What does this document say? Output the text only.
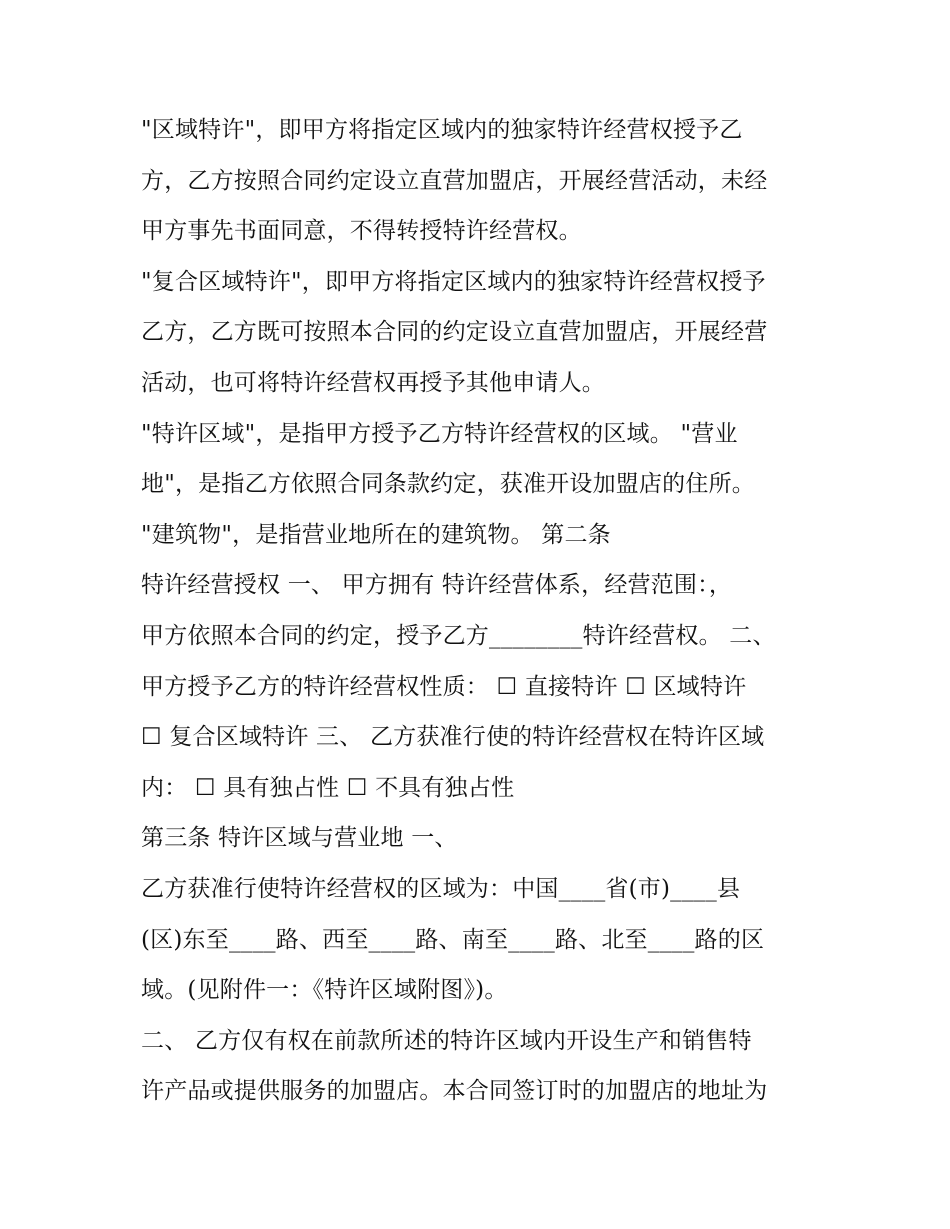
"区域特许"，即甲方将指定区域内的独家特许经营权授予乙
方，乙方按照合同约定设立直营加盟店，开展经营活动，未经
甲方事先书面同意，不得转授特许经营权。
"复合区域特许"，即甲方将指定区域内的独家特许经营权授予
乙方，乙方既可按照本合同的约定设立直营加盟店，开展经营
活动，也可将特许经营权再授予其他申请人。
"特许区域"，是指甲方授予乙方特许经营权的区域。 "营业
地"，是指乙方依照合同条款约定，获准开设加盟店的住所。
"建筑物"，是指营业地所在的建筑物。 第二条
特许经营授权 一、 甲方拥有 特许经营体系，经营范围：，
甲方依照本合同的约定，授予乙方________特许经营权。 二、
甲方授予乙方的特许经营权性质： ☐ 直接特许 ☐ 区域特许
☐ 复合区域特许 三、 乙方获准行使的特许经营权在特许区域
内： ☐ 具有独占性 ☐ 不具有独占性
第三条 特许区域与营业地 一、
乙方获准行使特许经营权的区域为：中国____省(市)____县
(区)东至____路、西至____路、南至____路、北至____路的区
域。(见附件一：《特许区域附图》)。
二、 乙方仅有权在前款所述的特许区域内开设生产和销售特
许产品或提供服务的加盟店。本合同签订时的加盟店的地址为
